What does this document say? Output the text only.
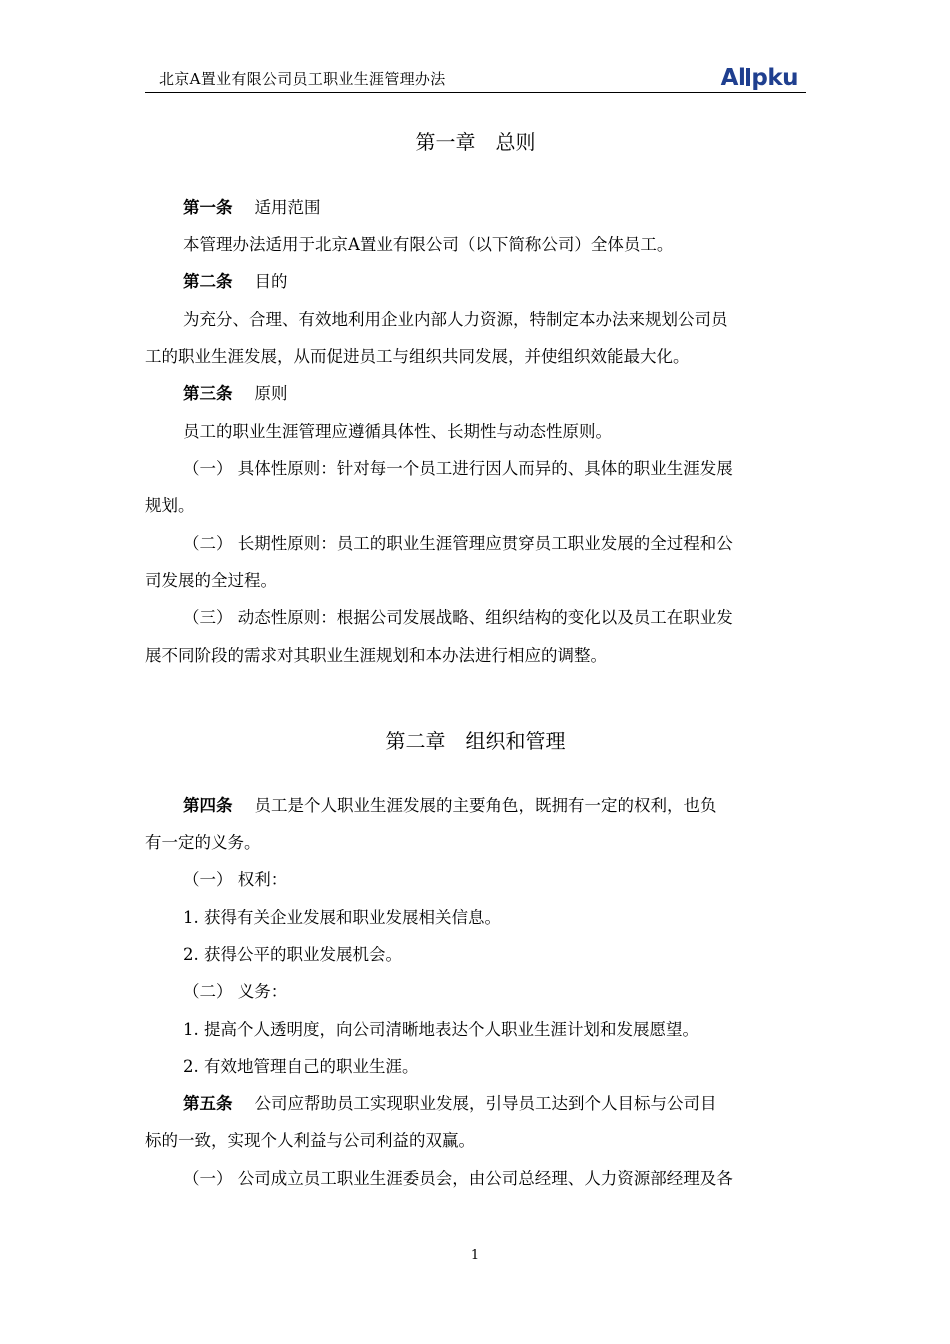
北京A置业有限公司员工职业生涯管理办法	Al pku
第一章　总则
第一条 适用范围
本管理办法适用于北京A置业有限公司（以下简称公司）全体员工。
第二条 目的
为充分、合理、有效地利用企业内部人力资源，特制定本办法来规划公司员
工的职业生涯发展，从而促进员工与组织共同发展，并使组织效能最大化。
第三条 原则
员工的职业生涯管理应遵循具体性、长期性与动态性原则。
（一） 具体性原则：针对每一个员工进行因人而异的、具体的职业生涯发展
规划。
（二） 长期性原则：员工的职业生涯管理应贯穿员工职业发展的全过程和公
司发展的全过程。
（三） 动态性原则：根据公司发展战略、组织结构的变化以及员工在职业发
展不同阶段的需求对其职业生涯规划和本办法进行相应的调整。
第二章　组织和管理
第四条 员工是个人职业生涯发展的主要角色，既拥有一定的权利，也负
有一定的义务。
（一） 权利：
1. 获得有关企业发展和职业发展相关信息。
2. 获得公平的职业发展机会。
（二） 义务：
1. 提高个人透明度，向公司清晰地表达个人职业生涯计划和发展愿望。
2. 有效地管理自己的职业生涯。
第五条 公司应帮助员工实现职业发展，引导员工达到个人目标与公司目
标的一致，实现个人利益与公司利益的双赢。
（一） 公司成立员工职业生涯委员会，由公司总经理、人力资源部经理及各
1
